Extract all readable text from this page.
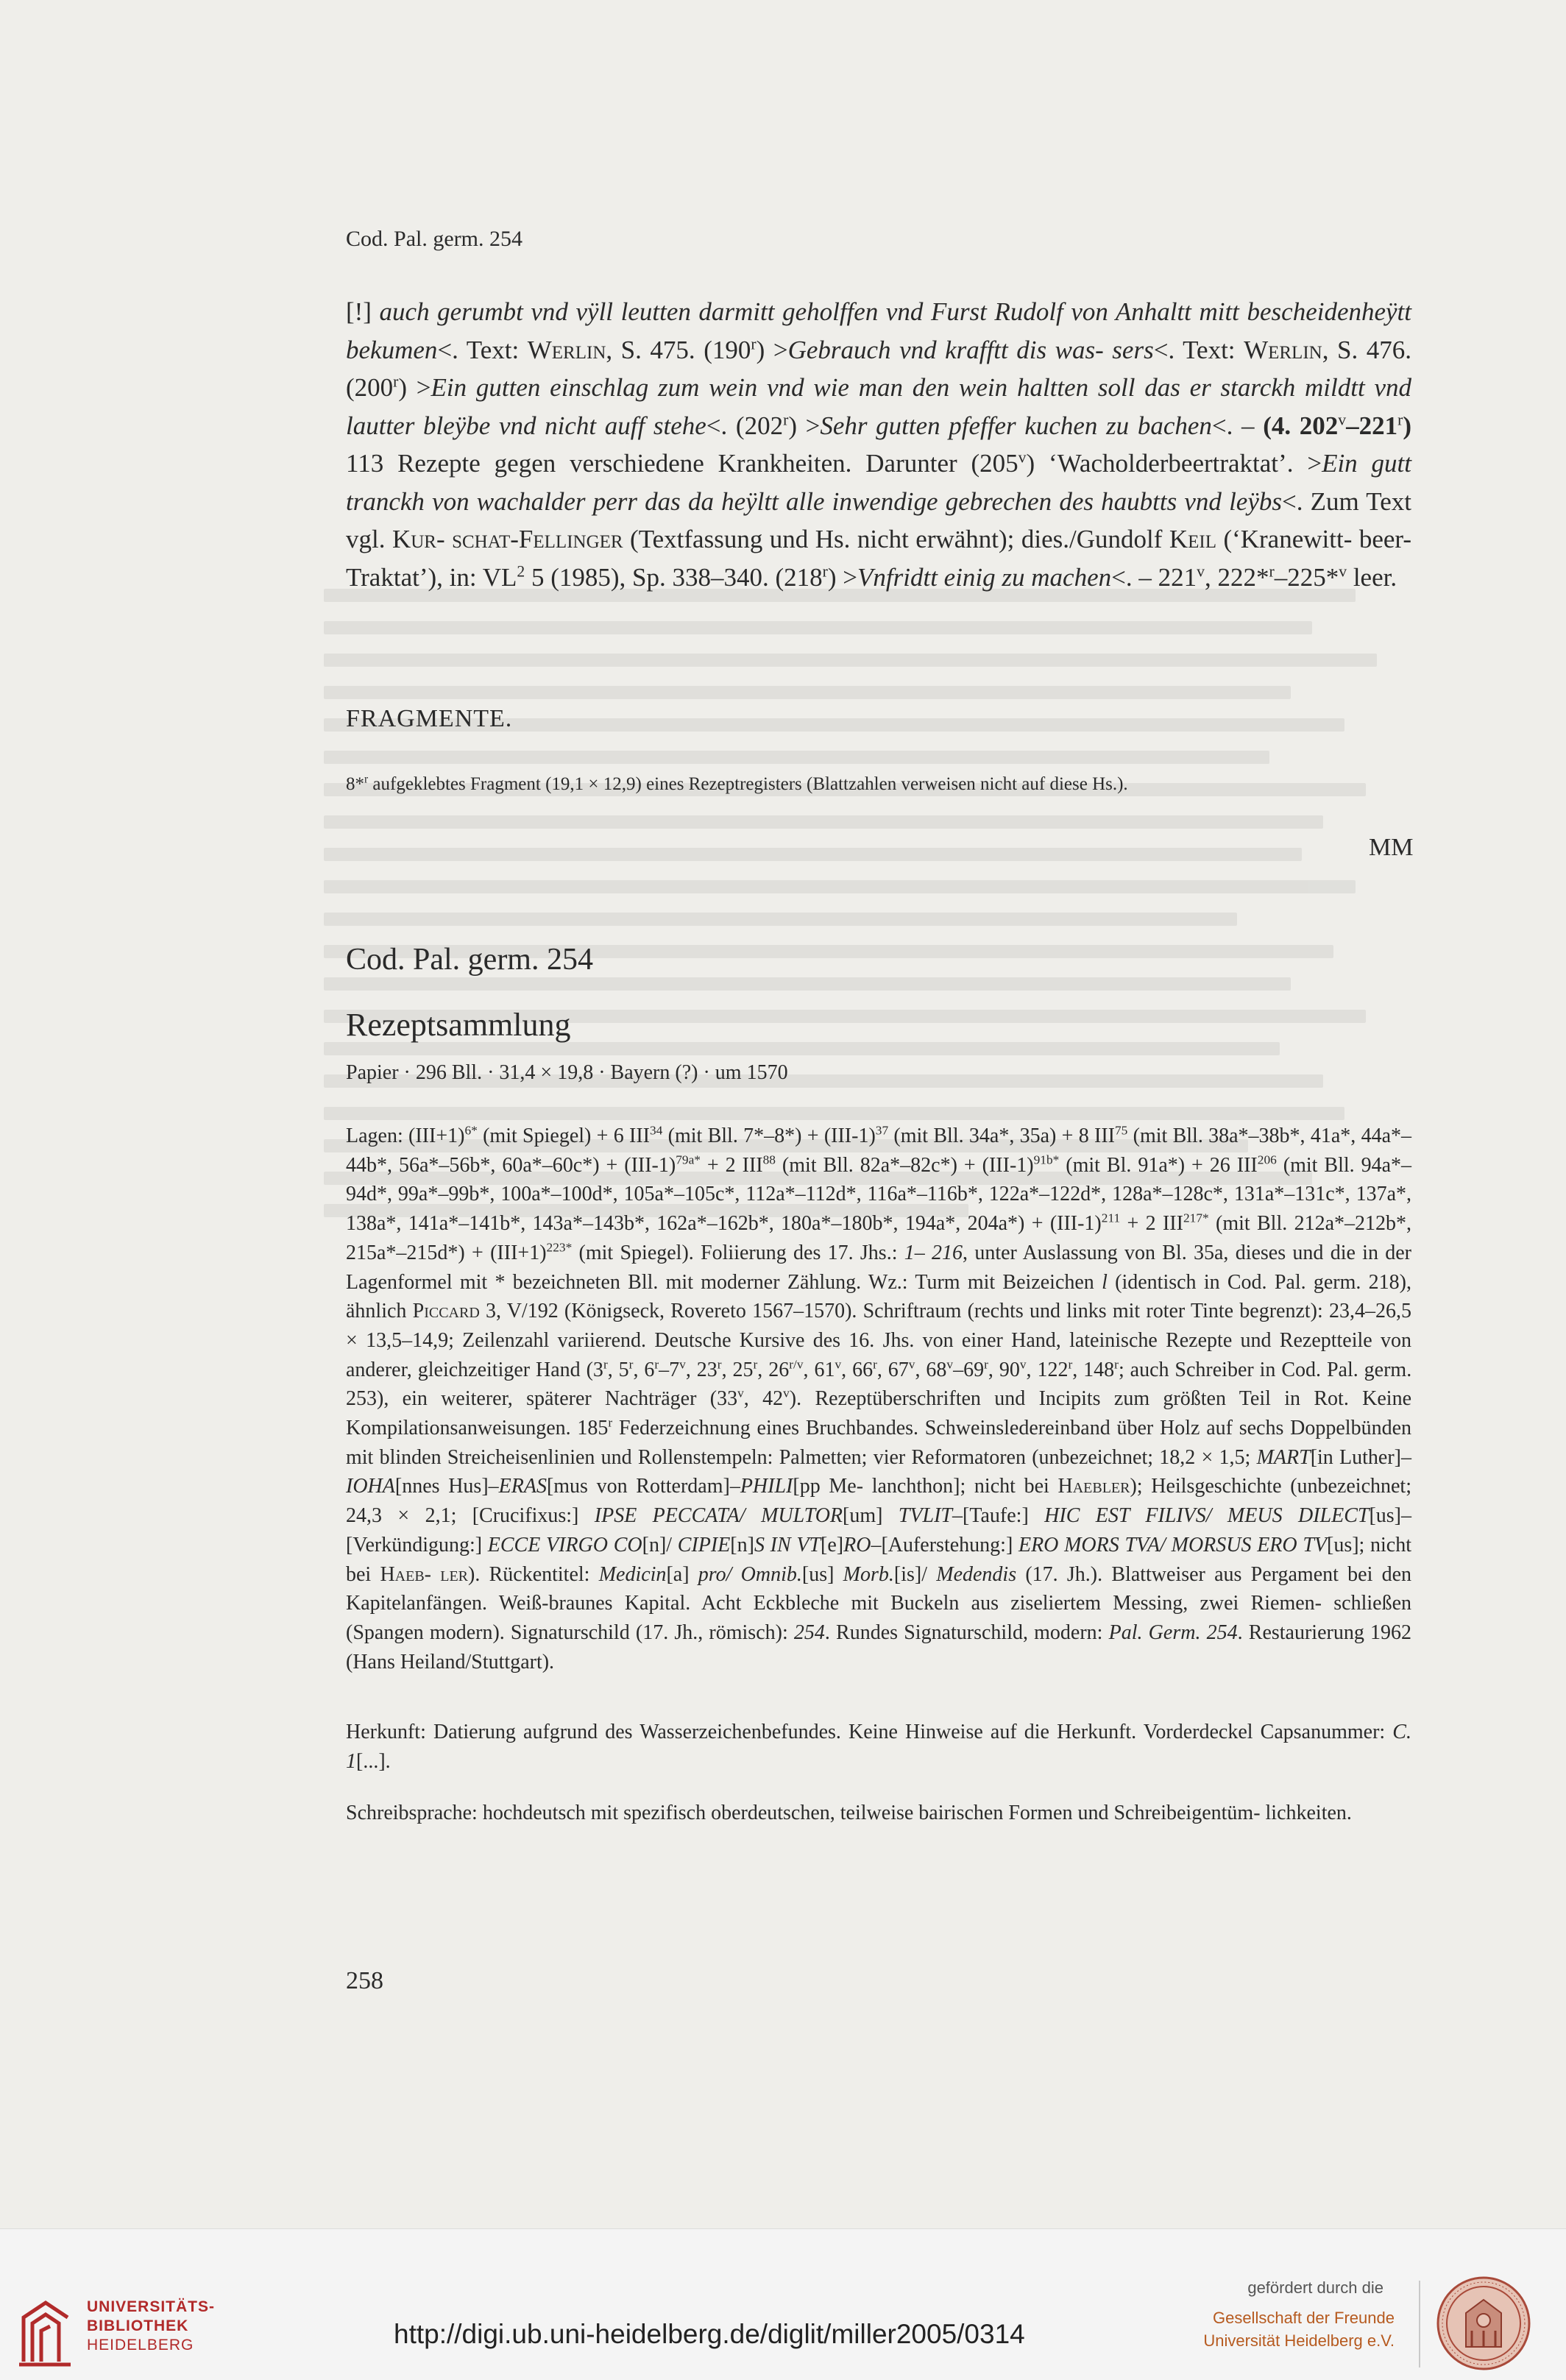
Cod. Pal. germ. 254
[!] auch gerumbt vnd vÿll leutten darmitt geholffen vnd Furst Rudolf von Anhaltt mitt bescheidenheÿtt bekumen<. Text: Werlin, S. 475. $(190^r)$ >Gebrauch vnd krafftt dis was- sers<. Text: Werlin, S. 476. $(200^r) >Ein$ gutten einschlag zum wein vnd wie man den wein haltten soll das er starckh mildtt vnd lautter bleÿbe vnd nicht auff stehe<. $(202^r)$ >Sehr gutten pfeffer kuchen zu bachen<. – (4. 202$^v$–221$^r$) 113 Rezepte gegen verschiedene Krankheiten. Darunter (205$^v$) ‘Wacholderbeertraktat’. >Ein gutt tranckh von wachalder perr das da heÿltt alle inwendige gebrechen des haubtts vnd leÿbs<. Zum Text vgl. Kur- schat-Fellinger (Textfassung und Hs. nicht erwähnt); dies./Gundolf Keil (‘Kranewitt- beer-Traktat’), in: $VL^2$ 5 (1985), Sp. 338–340. $(218^r)$ >Vnfridtt einig zu machen<. – 221$^v$, 222*$^r$–225*$^v$ leer.
FRAGMENTE.
8*$^r$ aufgeklebtes Fragment (19,1 × 12,9) eines Rezeptregisters (Blattzahlen verweisen nicht auf diese Hs.).
MM
Cod. Pal. germ. 254
Rezeptsammlung
Papier · 296 Bll. · 31,4 × 19,8 · Bayern (?) · um 1570
Lagen: $(III+1)^{6*}$ (mit Spiegel) + 6 III$^{34}$ (mit Bll. $7*-8*) + (III-1)^{37}$ (mit Bll. 34a*, 35a) + 8 III$^{75}$ (mit Bll. 38a*–38b*, 41a*, 44a*–44b*, 56a*–56b*, $60a*-60c*) + (III-1)^{79a*} + 2$ III$^{88}$ (mit Bll. $82a*-82c*) + (III-1)^{91b*}$ (mit Bl. 91a*) + 26 III$^{206}$ (mit Bll. 94a*–94d*, 99a*–99b*, 100a*–100d*, 105a*–105c*, 112a*–112d*, 116a*–116b*, 122a*–122d*, 128a*–128c*, 131a*–131c*, 137a*, 138a*, 141a*–141b*, 143a*–143b*, 162a*–162b*, 180a*–180b*, 194a*, $204a*) + (III-1)^{211} + 2$ $III^{217*}$ (mit Bll. 212a*–212b*, $215a*-215d*) + (III+1)^{223*}$ (mit Spiegel). Foliierung des 17. Jhs.: 1– 216, unter Auslassung von Bl. 35a, dieses und die in der Lagenformel mit * bezeichneten Bll. mit moderner Zählung. Wz.: Turm mit Beizeichen l (identisch in Cod. Pal. germ. 218), ähnlich Piccard 3, V/192 (Königseck, Rovereto 1567–1570). Schriftraum (rechts und links mit roter Tinte begrenzt): 23,4–26,5 × 13,5–14,9; Zeilenzahl variierend. Deutsche Kursive des 16. Jhs. von einer Hand, lateinische Rezepte und Rezeptteile von anderer, gleichzeitiger Hand (3$^r$, 5$^r$, 6$^r$–7$^v$, 23$^r$, 25$^r$, $26^{r/v}$, 61$^v$, 66$^r$, 67$^v$, 68$^v$–69$^r$, 90$^v$, 122$^r$, 148$^r$; auch Schreiber in Cod. Pal. germ. 253), ein weiterer, späterer Nachträger (33$^v$, 42$^v$). Rezeptüberschriften und Incipits zum größten Teil in Rot. Keine Kompilationsanweisungen. 185$^r$ Federzeichnung eines Bruchbandes. Schweinsledereinband über Holz auf sechs Doppelbünden mit blinden Streicheisenlinien und Rollenstempeln: Palmetten; vier Reformatoren (unbezeichnet; 18,2 × 1,5; MART[in Luther]–IOHA[nnes Hus]–ERAS[mus von Rotterdam]–PHILI[pp Me- lanchthon]; nicht bei Haebler); Heilsgeschichte (unbezeichnet; 24,3 × 2,1; [Crucifixus:] IPSE PECCATA/ MULTOR[um] TVLIT–[Taufe:] HIC EST FILIVS/ MEUS DILECT[us]–[Verkündigung:] ECCE VIRGO CO[n]/ CIPIE[n]S IN VT[e]RO–[Auferstehung:] ERO MORS TVA/ MORSUS ERO TV[us]; nicht bei Haeb- ler). Rückentitel: Medicin[a] pro/ Omnib.[us] Morb.[is]/ Medendis (17. Jh.). Blattweiser aus Pergament bei den Kapitelanfängen. Weiß-braunes Kapital. Acht Eckbleche mit Buckeln aus ziseliertem Messing, zwei Riemen- schließen (Spangen modern). Signaturschild (17. Jh., römisch): 254. Rundes Signaturschild, modern: Pal. Germ. 254. Restaurierung 1962 (Hans Heiland/Stuttgart).
Herkunft: Datierung aufgrund des Wasserzeichenbefundes. Keine Hinweise auf die Herkunft. Vorderdeckel Capsanummer: C. 1[...].
Schreibsprache: hochdeutsch mit spezifisch oberdeutschen, teilweise bairischen Formen und Schreibeigentüm- lichkeiten.
258
UNIVERSITÄTS-
BIBLIOTHEK
HEIDELBERG	http://digi.ub.uni-heidelberg.de/diglit/miller2005/0314
gefördert durch die
Gesellschaft der Freunde
Universität Heidelberg e.V.
